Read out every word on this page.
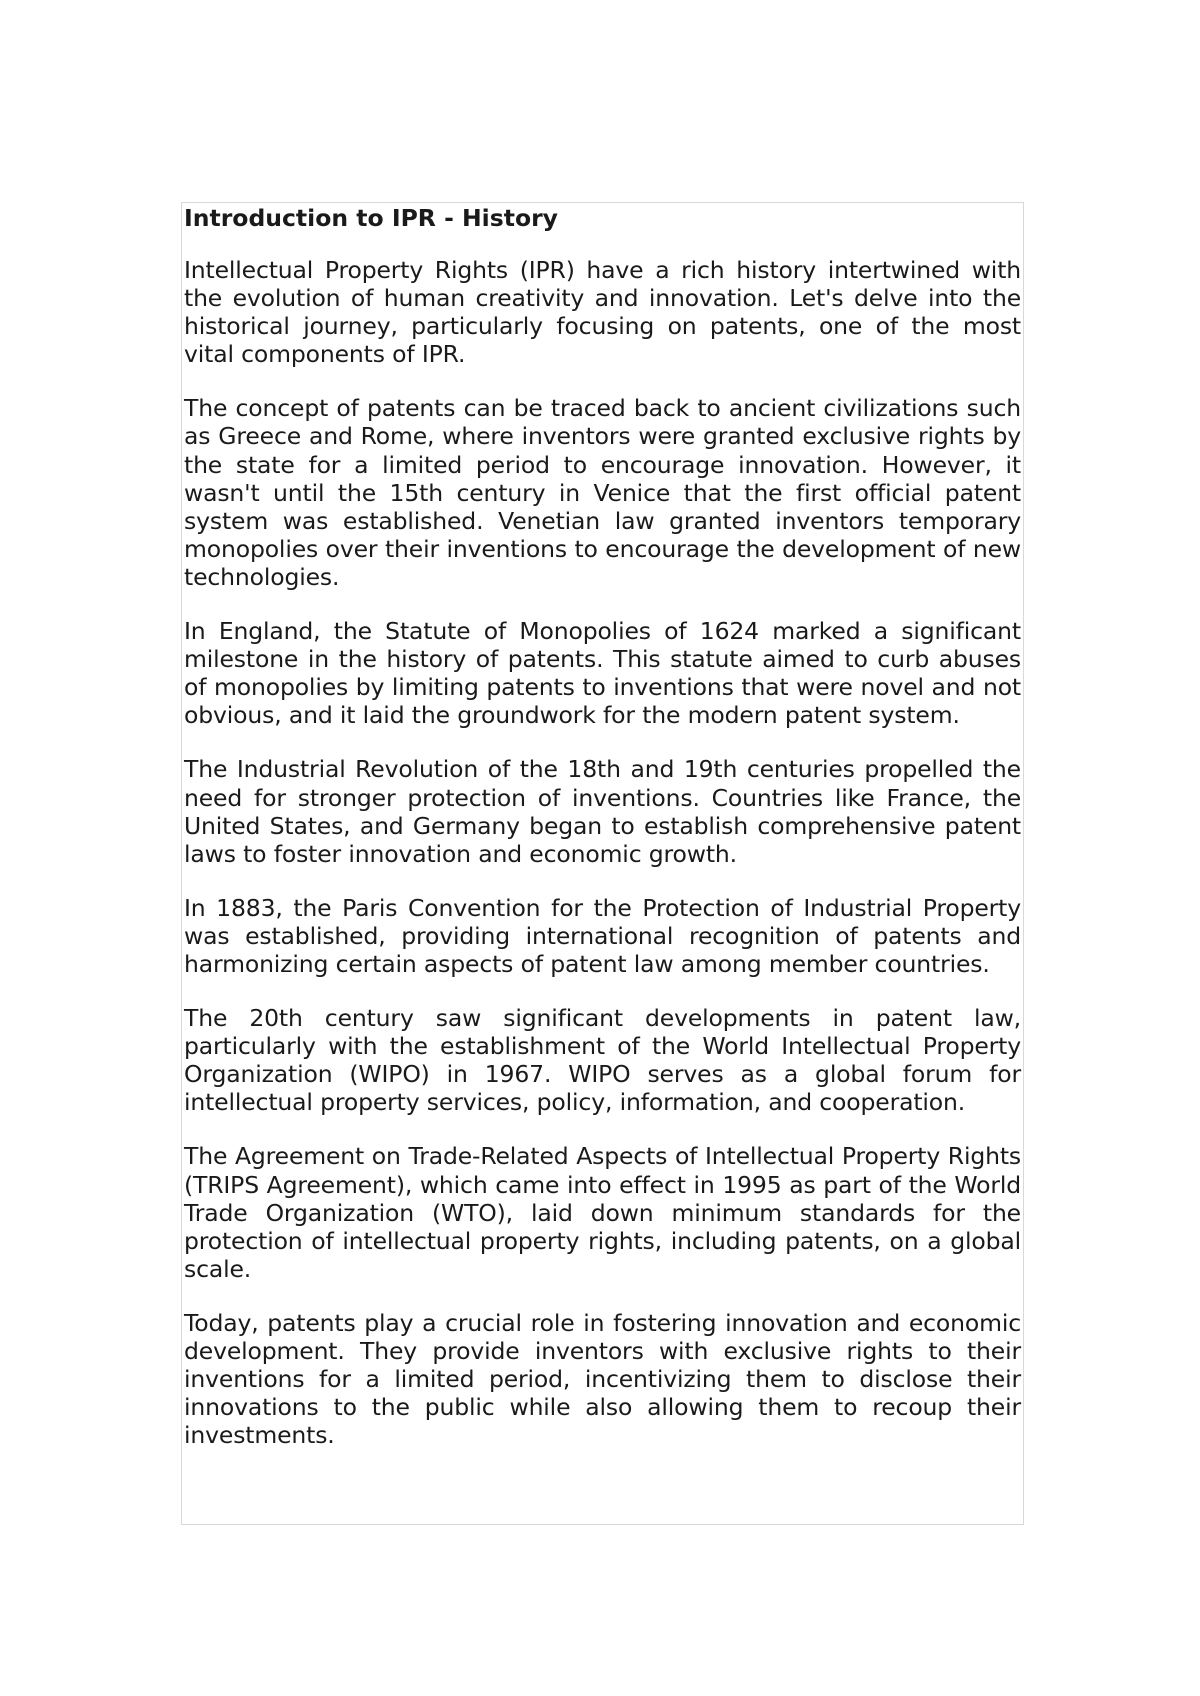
Introduction to IPR - History

Intellectual Property Rights (IPR) have a rich history intertwined with the evolution of human creativity and innovation. Let's delve into the historical journey, particularly focusing on patents, one of the most vital components of IPR.

The concept of patents can be traced back to ancient civilizations such as Greece and Rome, where inventors were granted exclusive rights by the state for a limited period to encourage innovation. However, it wasn't until the 15th century in Venice that the first official patent system was established. Venetian law granted inventors temporary monopolies over their inventions to encourage the development of new technologies.

In England, the Statute of Monopolies of 1624 marked a significant milestone in the history of patents. This statute aimed to curb abuses of monopolies by limiting patents to inventions that were novel and not obvious, and it laid the groundwork for the modern patent system.

The Industrial Revolution of the 18th and 19th centuries propelled the need for stronger protection of inventions. Countries like France, the United States, and Germany began to establish comprehensive patent laws to foster innovation and economic growth.

In 1883, the Paris Convention for the Protection of Industrial Property was established, providing international recognition of patents and harmonizing certain aspects of patent law among member countries.

The 20th century saw significant developments in patent law, particularly with the establishment of the World Intellectual Property Organization (WIPO) in 1967. WIPO serves as a global forum for intellectual property services, policy, information, and cooperation.

The Agreement on Trade-Related Aspects of Intellectual Property Rights (TRIPS Agreement), which came into effect in 1995 as part of the World Trade Organization (WTO), laid down minimum standards for the protection of intellectual property rights, including patents, on a global scale.

Today, patents play a crucial role in fostering innovation and economic development. They provide inventors with exclusive rights to their inventions for a limited period, incentivizing them to disclose their innovations to the public while also allowing them to recoup their investments.
